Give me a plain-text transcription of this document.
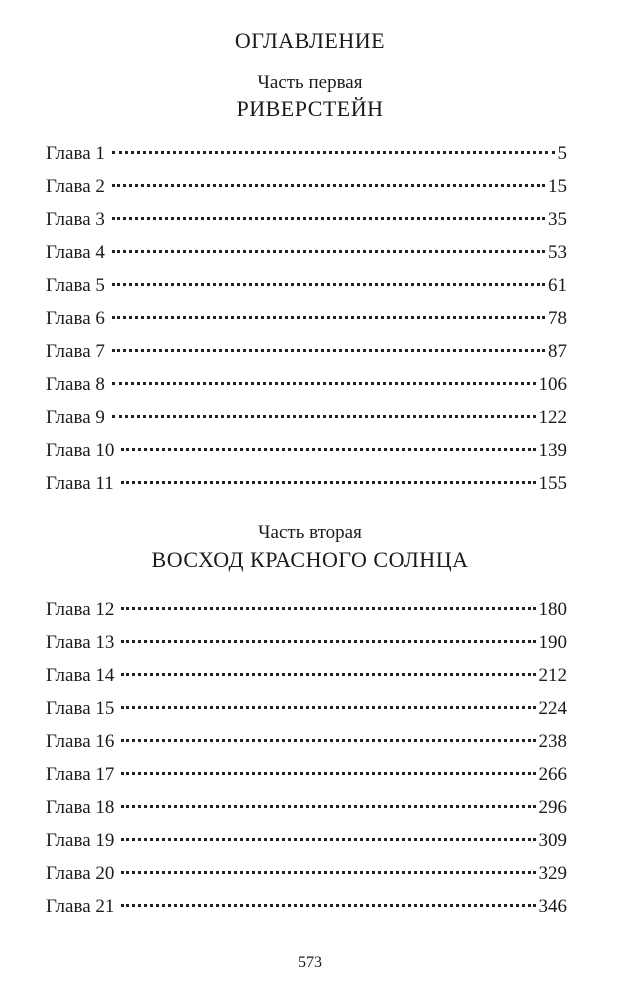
ОГЛАВЛЕНИЕ
Часть первая
РИВЕРСТЕЙН
Глава 1	5
Глава 2	15
Глава 3	35
Глава 4	53
Глава 5	61
Глава 6	78
Глава 7	87
Глава 8	106
Глава 9	122
Глава 10	139
Глава 11	155
Часть вторая
ВОСХОД КРАСНОГО СОЛНЦА
Глава 12	180
Глава 13	190
Глава 14	212
Глава 15	224
Глава 16	238
Глава 17	266
Глава 18	296
Глава 19	309
Глава 20	329
Глава 21	346
573
